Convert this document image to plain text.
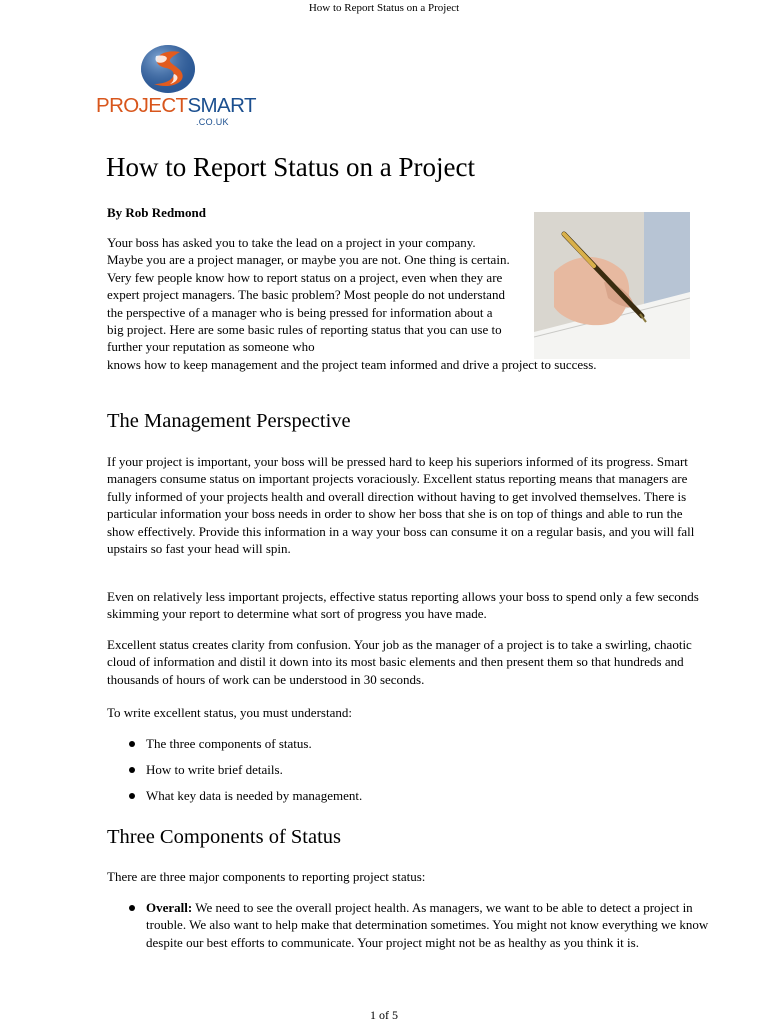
How to Report Status on a Project
PROJECTSMART
.CO.UK
How to Report Status on a Project
By Rob Redmond

Your boss has asked you to take the lead on a project in your company. Maybe you are a project manager, or maybe you are not. One thing is certain. Very few people know how to report status on a project, even when they are expert project managers. The basic problem? Most people do not understand the perspective of a manager who is being pressed for information about a big project. Here are some basic rules of reporting status that you can use to further your reputation as someone who

knows how to keep management and the project team informed and drive a project to success.

The Management Perspective

If your project is important, your boss will be pressed hard to keep his superiors informed of its progress. Smart managers consume status on important projects voraciously. Excellent status reporting means that managers are fully informed of your projects health and overall direction without having to get involved themselves. There is particular information your boss needs in order to show her boss that she is on top of things and able to run the show effectively. Provide this information in a way your boss can consume it on a regular basis, and you will fall upstairs so fast your head will spin.

Even on relatively less important projects, effective status reporting allows your boss to spend only a few seconds skimming your report to determine what sort of progress you have made.

Excellent status creates clarity from confusion. Your job as the manager of a project is to take a swirling, chaotic cloud of information and distil it down into its most basic elements and then present them so that hundreds and thousands of hours of work can be understood in 30 seconds.

To write excellent status, you must understand:

The three components of status.
How to write brief details.
What key data is needed by management.
Three Components of Status

There are three major components to reporting project status:

Overall: We need to see the overall project health. As managers, we want to be able to detect a project in trouble. We also want to help make that determination sometimes. You might not know everything we know despite our best efforts to communicate. Your project might not be as healthy as you think it is.
1 of 5
